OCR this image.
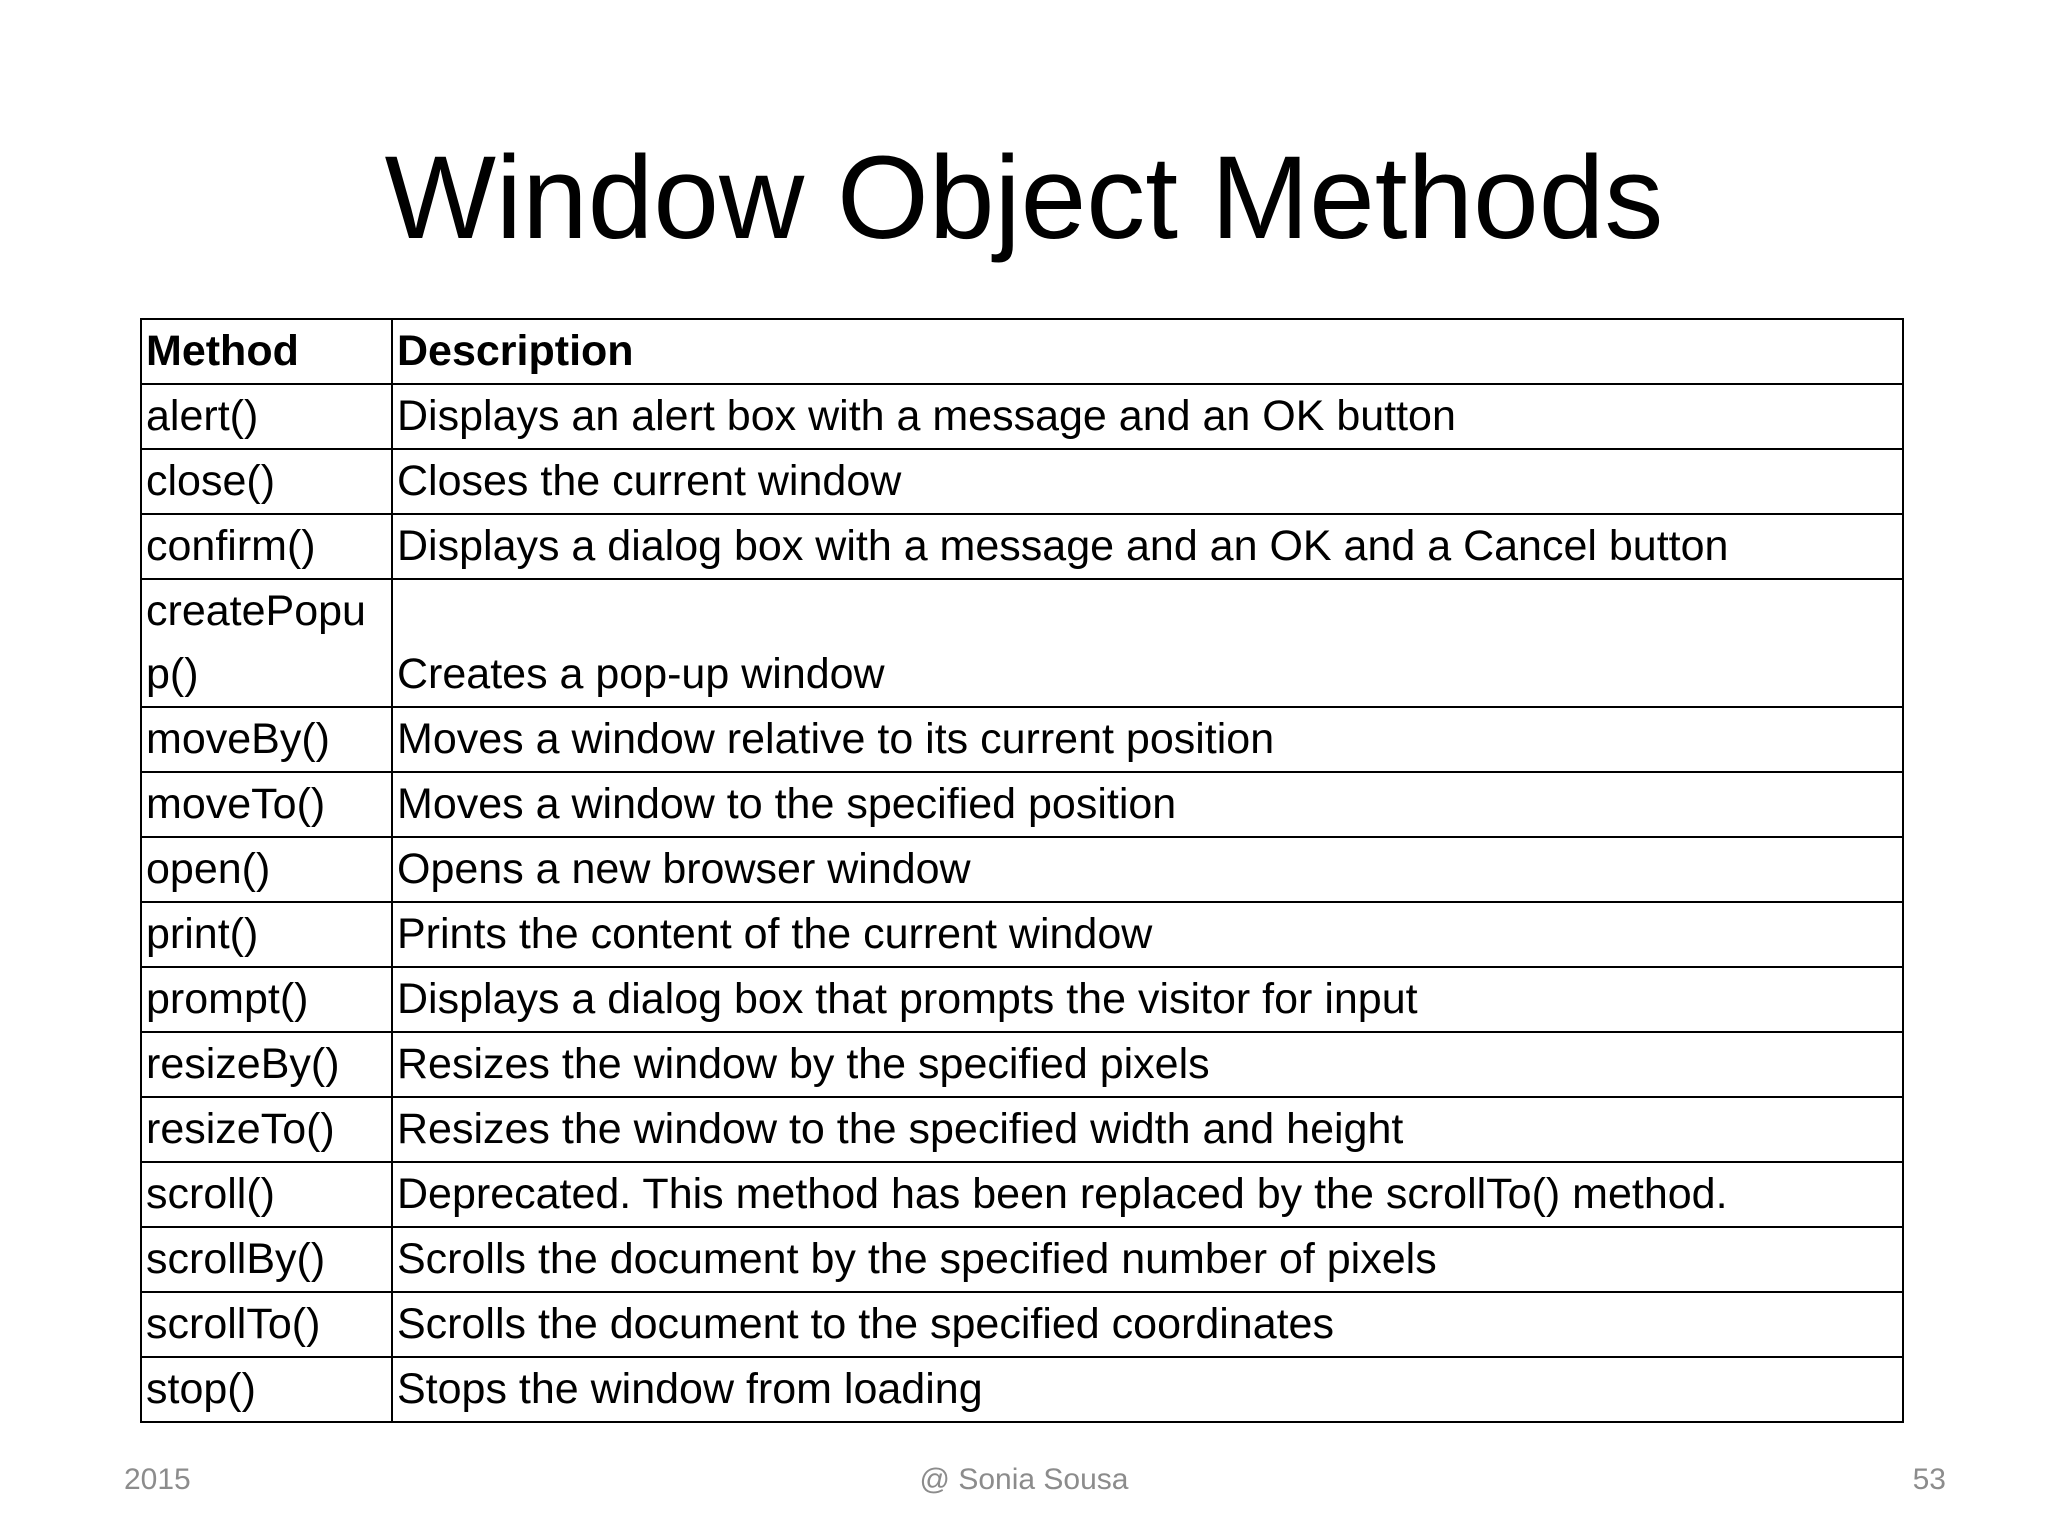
Window Object Methods
Method	Description
alert()	Displays an alert box with a message and an OK button
close()	Closes the current window
confirm()	Displays a dialog box with a message and an OK and a Cancel button
createPopup()	Creates a pop-up window
moveBy()	Moves a window relative to its current position
moveTo()	Moves a window to the specified position
open()	Opens a new browser window
print()	Prints the content of the current window
prompt()	Displays a dialog box that prompts the visitor for input
resizeBy()	Resizes the window by the specified pixels
resizeTo()	Resizes the window to the specified width and height
scroll()	Deprecated. This method has been replaced by the scrollTo() method.
scrollBy()	Scrolls the document by the specified number of pixels
scrollTo()	Scrolls the document to the specified coordinates
stop()	Stops the window from loading
2015	@ Sonia Sousa	53
